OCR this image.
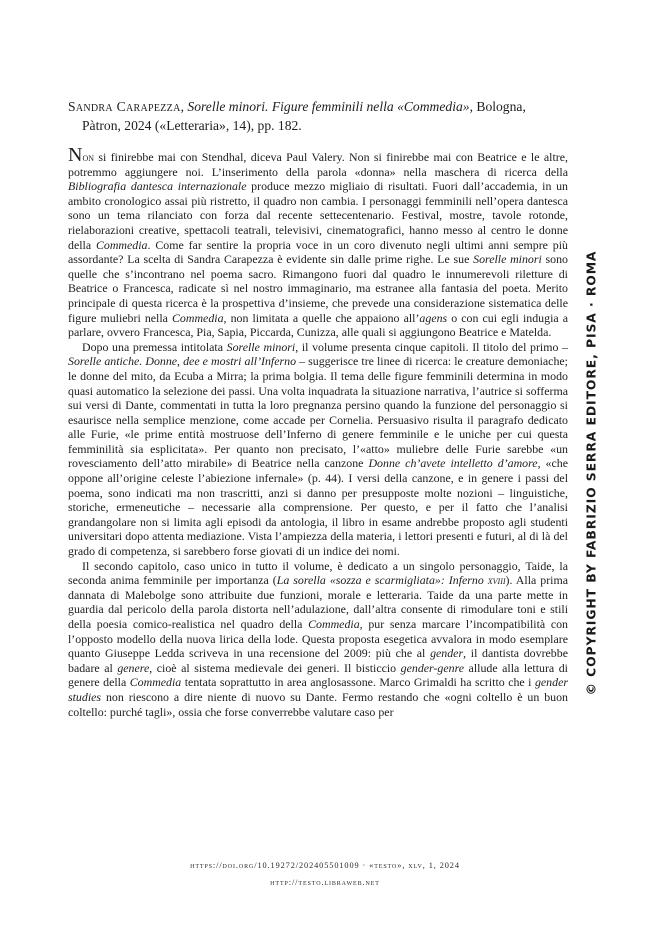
Sandra Carapezza, Sorelle minori. Figure femminili nella «Commedia», Bologna, Pàtron, 2024 («Letteraria», 14), pp. 182.

Non si finirebbe mai con Stendhal, diceva Paul Valery. Non si finirebbe mai con Beatrice e le altre, potremmo aggiungere noi. L’inserimento della parola «donna» nella maschera di ricerca della Bibliografia dantesca internazionale produce mezzo migliaio di risultati. Fuori dall’accademia, in un ambito cronologico assai più ristretto, il quadro non cambia. I personaggi femminili nell’opera dantesca sono un tema rilanciato con forza dal recente settecentenario. Festival, mostre, tavole rotonde, rielaborazioni creative, spettacoli teatrali, televisivi, cinematografici, hanno messo al centro le donne della Commedia. Come far sentire la propria voce in un coro divenuto negli ultimi anni sempre più assordante? La scelta di Sandra Carapezza è evidente sin dalle prime righe. Le sue Sorelle minori sono quelle che s’incontrano nel poema sacro. Rimangono fuori dal quadro le innumerevoli riletture di Beatrice o Francesca, radicate sì nel nostro immaginario, ma estranee alla fantasia del poeta. Merito principale di questa ricerca è la prospettiva d’insieme, che prevede una considerazione sistematica delle figure muliebri nella Commedia, non limitata a quelle che appaiono all’agens o con cui egli indugia a parlare, ovvero Francesca, Pia, Sapia, Piccarda, Cunizza, alle quali si aggiungono Beatrice e Matelda.

Dopo una premessa intitolata Sorelle minori, il volume presenta cinque capitoli. Il titolo del primo – Sorelle antiche. Donne, dee e mostri all’Inferno – suggerisce tre linee di ricerca: le creature demoniache; le donne del mito, da Ecuba a Mirra; la prima bolgia. Il tema delle figure femminili determina in modo quasi automatico la selezione dei passi. Una volta inquadrata la situazione narrativa, l’autrice si sofferma sui versi di Dante, commentati in tutta la loro pregnanza persino quando la funzione del personaggio si esaurisce nella semplice menzione, come accade per Cornelia. Persuasivo risulta il paragrafo dedicato alle Furie, «le prime entità mostruose dell’Inferno di genere femminile e le uniche per cui questa femminilità sia esplicitata». Per quanto non precisato, l’«atto» muliebre delle Furie sarebbe «un rovesciamento dell’atto mirabile» di Beatrice nella canzone Donne ch’avete intelletto d’amore, «che oppone all’origine celeste l’abiezione infernale» (p. 44). I versi della canzone, e in genere i passi del poema, sono indicati ma non trascritti, anzi si danno per presupposte molte nozioni – linguistiche, storiche, ermeneutiche – necessarie alla comprensione. Per questo, e per il fatto che l’analisi grandangolare non si limita agli episodi da antologia, il libro in esame andrebbe proposto agli studenti universitari dopo attenta mediazione. Vista l’ampiezza della materia, i lettori presenti e futuri, al di là del grado di competenza, si sarebbero forse giovati di un indice dei nomi.

Il secondo capitolo, caso unico in tutto il volume, è dedicato a un singolo personaggio, Taide, la seconda anima femminile per importanza (La sorella «sozza e scarmigliata»: Inferno xviii). Alla prima dannata di Malebolge sono attribuite due funzioni, morale e letteraria. Taide da una parte mette in guardia dal pericolo della parola distorta nell’adulazione, dall’altra consente di rimodulare toni e stili della poesia comico-realistica nel quadro della Commedia, pur senza marcare l’incompatibilità con l’opposto modello della nuova lirica della lode. Questa proposta esegetica avvalora in modo esemplare quanto Giuseppe Ledda scriveva in una recensione del 2009: più che al gender, il dantista dovrebbe badare al genere, cioè al sistema medievale dei generi. Il bisticcio gender-genre allude alla lettura di genere della Commedia tentata soprattutto in area anglosassone. Marco Grimaldi ha scritto che i gender studies non riescono a dire niente di nuovo su Dante. Fermo restando che «ogni coltello è un buon coltello: purché tagli», ossia che forse converrebbe valutare caso per

https://doi.org/10.19272/202405501009 · «testo», xlv, 1, 2024
http://testo.libraweb.net
© COPYRIGHT BY FABRIZIO SERRA EDITORE, PISA · ROMA
